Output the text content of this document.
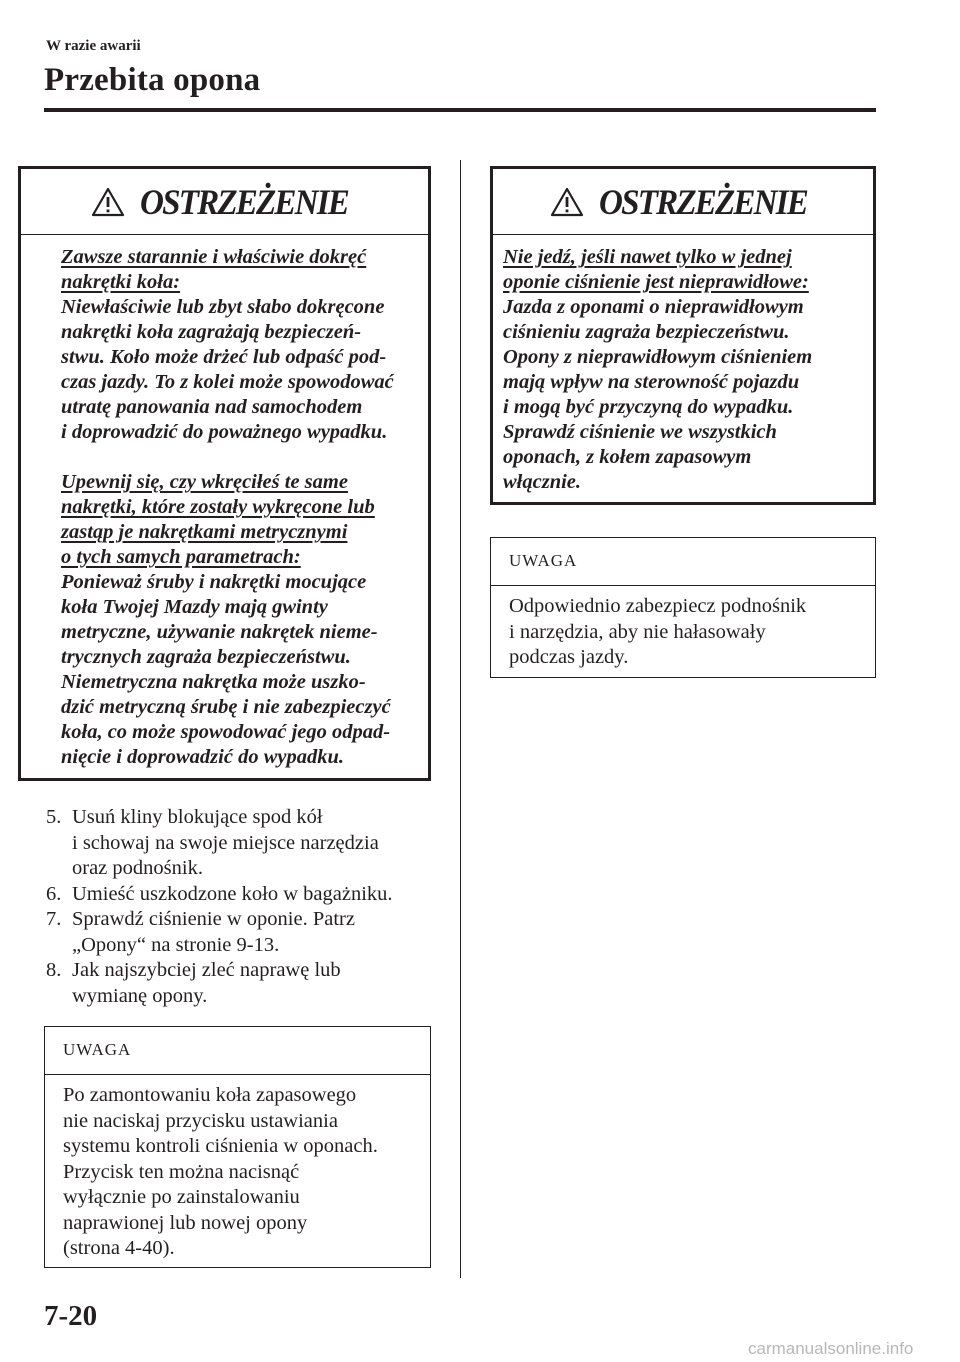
W razie awarii
Przebita opona
OSTRZEŻENIE

Zawsze starannie i właściwie dokręć

nakrętki koła:

Niewłaściwie lub zbyt słabo dokręcone

nakrętki koła zagrażają bezpieczeń-

stwu. Koło może drżeć lub odpaść pod-

czas jazdy. To z kolei może spowodować

utratę panowania nad samochodem

i doprowadzić do poważnego wypadku.

Upewnij się, czy wkręciłeś te same

nakrętki, które zostały wykręcone lub

zastąp je nakrętkami metrycznymi

o tych samych parametrach:

Ponieważ śruby i nakrętki mocujące

koła Twojej Mazdy mają gwinty

metryczne, używanie nakrętek nieme-

trycznych zagraża bezpieczeństwu.

Niemetryczna nakrętka może uszko-

dzić metryczną śrubę i nie zabezpieczyć

koła, co może spowodować jego odpad-

nięcie i doprowadzić do wypadku.

5. Usuń kliny blokujące spod kół
i schowaj na swoje miejsce narzędzia
oraz podnośnik.
6. Umieść uszkodzone koło w bagażniku.
7. Sprawdź ciśnienie w oponie. Patrz
„Opony“ na stronie 9-13.
8. Jak najszybciej zleć naprawę lub
wymianę opony.
UWAGA
Po zamontowaniu koła zapasowego
nie naciskaj przycisku ustawiania
systemu kontroli ciśnienia w oponach.
Przycisk ten można nacisnąć
wyłącznie po zainstalowaniu
naprawionej lub nowej opony
(strona 4-40).
OSTRZEŻENIE

Nie jedź, jeśli nawet tylko w jednej

oponie ciśnienie jest nieprawidłowe:

Jazda z oponami o nieprawidłowym

ciśnieniu zagraża bezpieczeństwu.

Opony z nieprawidłowym ciśnieniem

mają wpływ na sterowność pojazdu

i mogą być przyczyną do wypadku.

Sprawdź ciśnienie we wszystkich

oponach, z kołem zapasowym

włącznie.

UWAGA
Odpowiednio zabezpiecz podnośnik
i narzędzia, aby nie hałasowały
podczas jazdy.
7-20
carmanualsonline.info
